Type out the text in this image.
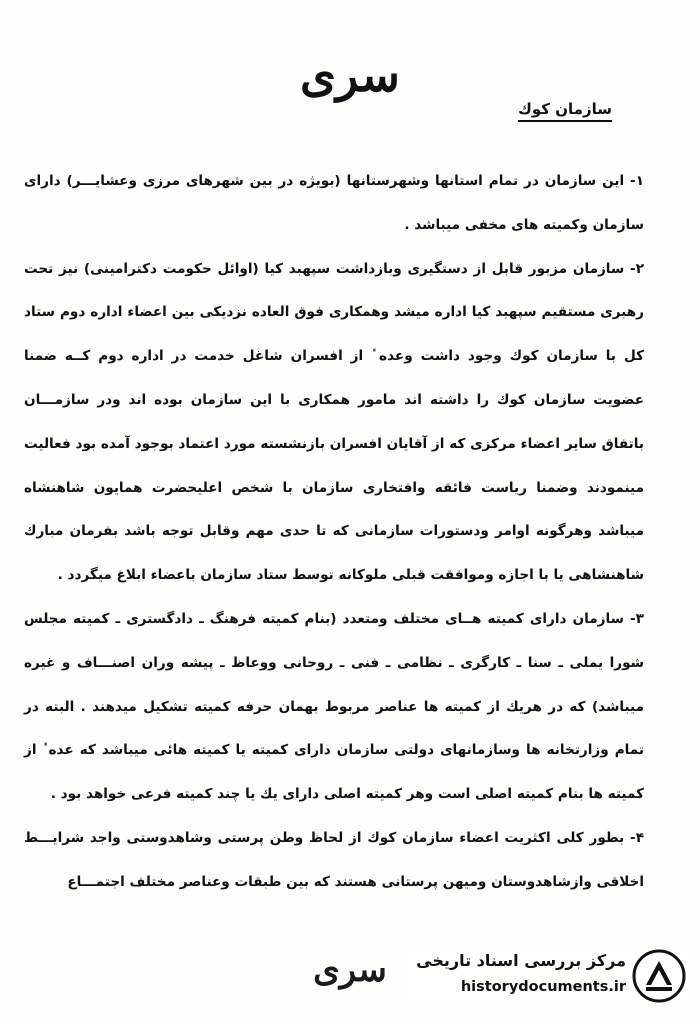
سری
سازمان کوك

۱- این سازمان در تمام استانها وشهرستانها (بویژه در بین شهرهای مرزی وعشایـــر) دارای سازمان وکمیته های مخفی میباشد .

۲- سازمان مزبور قابل از دستگیری وبازداشت سپهبد کیا (اوائل حکومت دکترامینی) نیز تحت رهبری مستقیم سپهبد کیا اداره میشد وهمکاری فوق العاده نزدیکی بین اعضاء اداره دوم ستاد کل با سازمان کوك وجود داشت وعده ٔ از افسران شاغل خدمت در اداره دوم کــه ضمنا عضویت سازمان کوك را داشته اند مامور همکاری با این سازمان بوده اند ودر سازمـــان باتفاق سایر اعضاء مرکزی که از آقایان افسران بازنشسته مورد اعتماد بوجود آمده بود فعالیت مینمودند وضمنا ریاست فائقه وافتخاری سازمان با شخص اعلیحضرت همایون شاهنشاه میباشد وهرگونه اوامر ودستورات سازمانی که تا حدی مهم وقابل توجه باشد بفرمان مبارك شاهنشاهی یا با اجازه وموافقت قبلی ملوکانه توسط ستاد سازمان باعضاء ابلاغ میگردد .

۳- سازمان دارای کمیته هــای مختلف ومتعدد (بنام کمیته فرهنگ ـ دادگستری ـ کمیته مجلس شورا یملی ـ سنا ـ کارگری ـ نظامی ـ فنی ـ روحانی ووعاظ ـ پیشه وران اصنـــاف و غیره میباشد) که در هریك از کمیته ها عناصر مربوط بهمان حرفه کمیته تشکیل میدهند . البته در تمام وزارتخانه ها وسازمانهای دولتی سازمان دارای کمیته یا کمیته هائی میباشد که عده ٔ از کمیته ها بنام کمیته اصلی است وهر کمیته اصلی دارای یك یا چند کمیته فرعی خواهد بود .

۴- بطور کلی اکثریت اعضاء سازمان کوك از لحاظ وطن پرستی وشاهدوستی واجد شرایـــط اخلاقی وازشاهدوستان ومیهن پرستانی هستند که بین طبقات وعناصر مختلف اجتمـــاع

سری	مرکز بررسی اسناد تاریخی
historydocuments.ir
